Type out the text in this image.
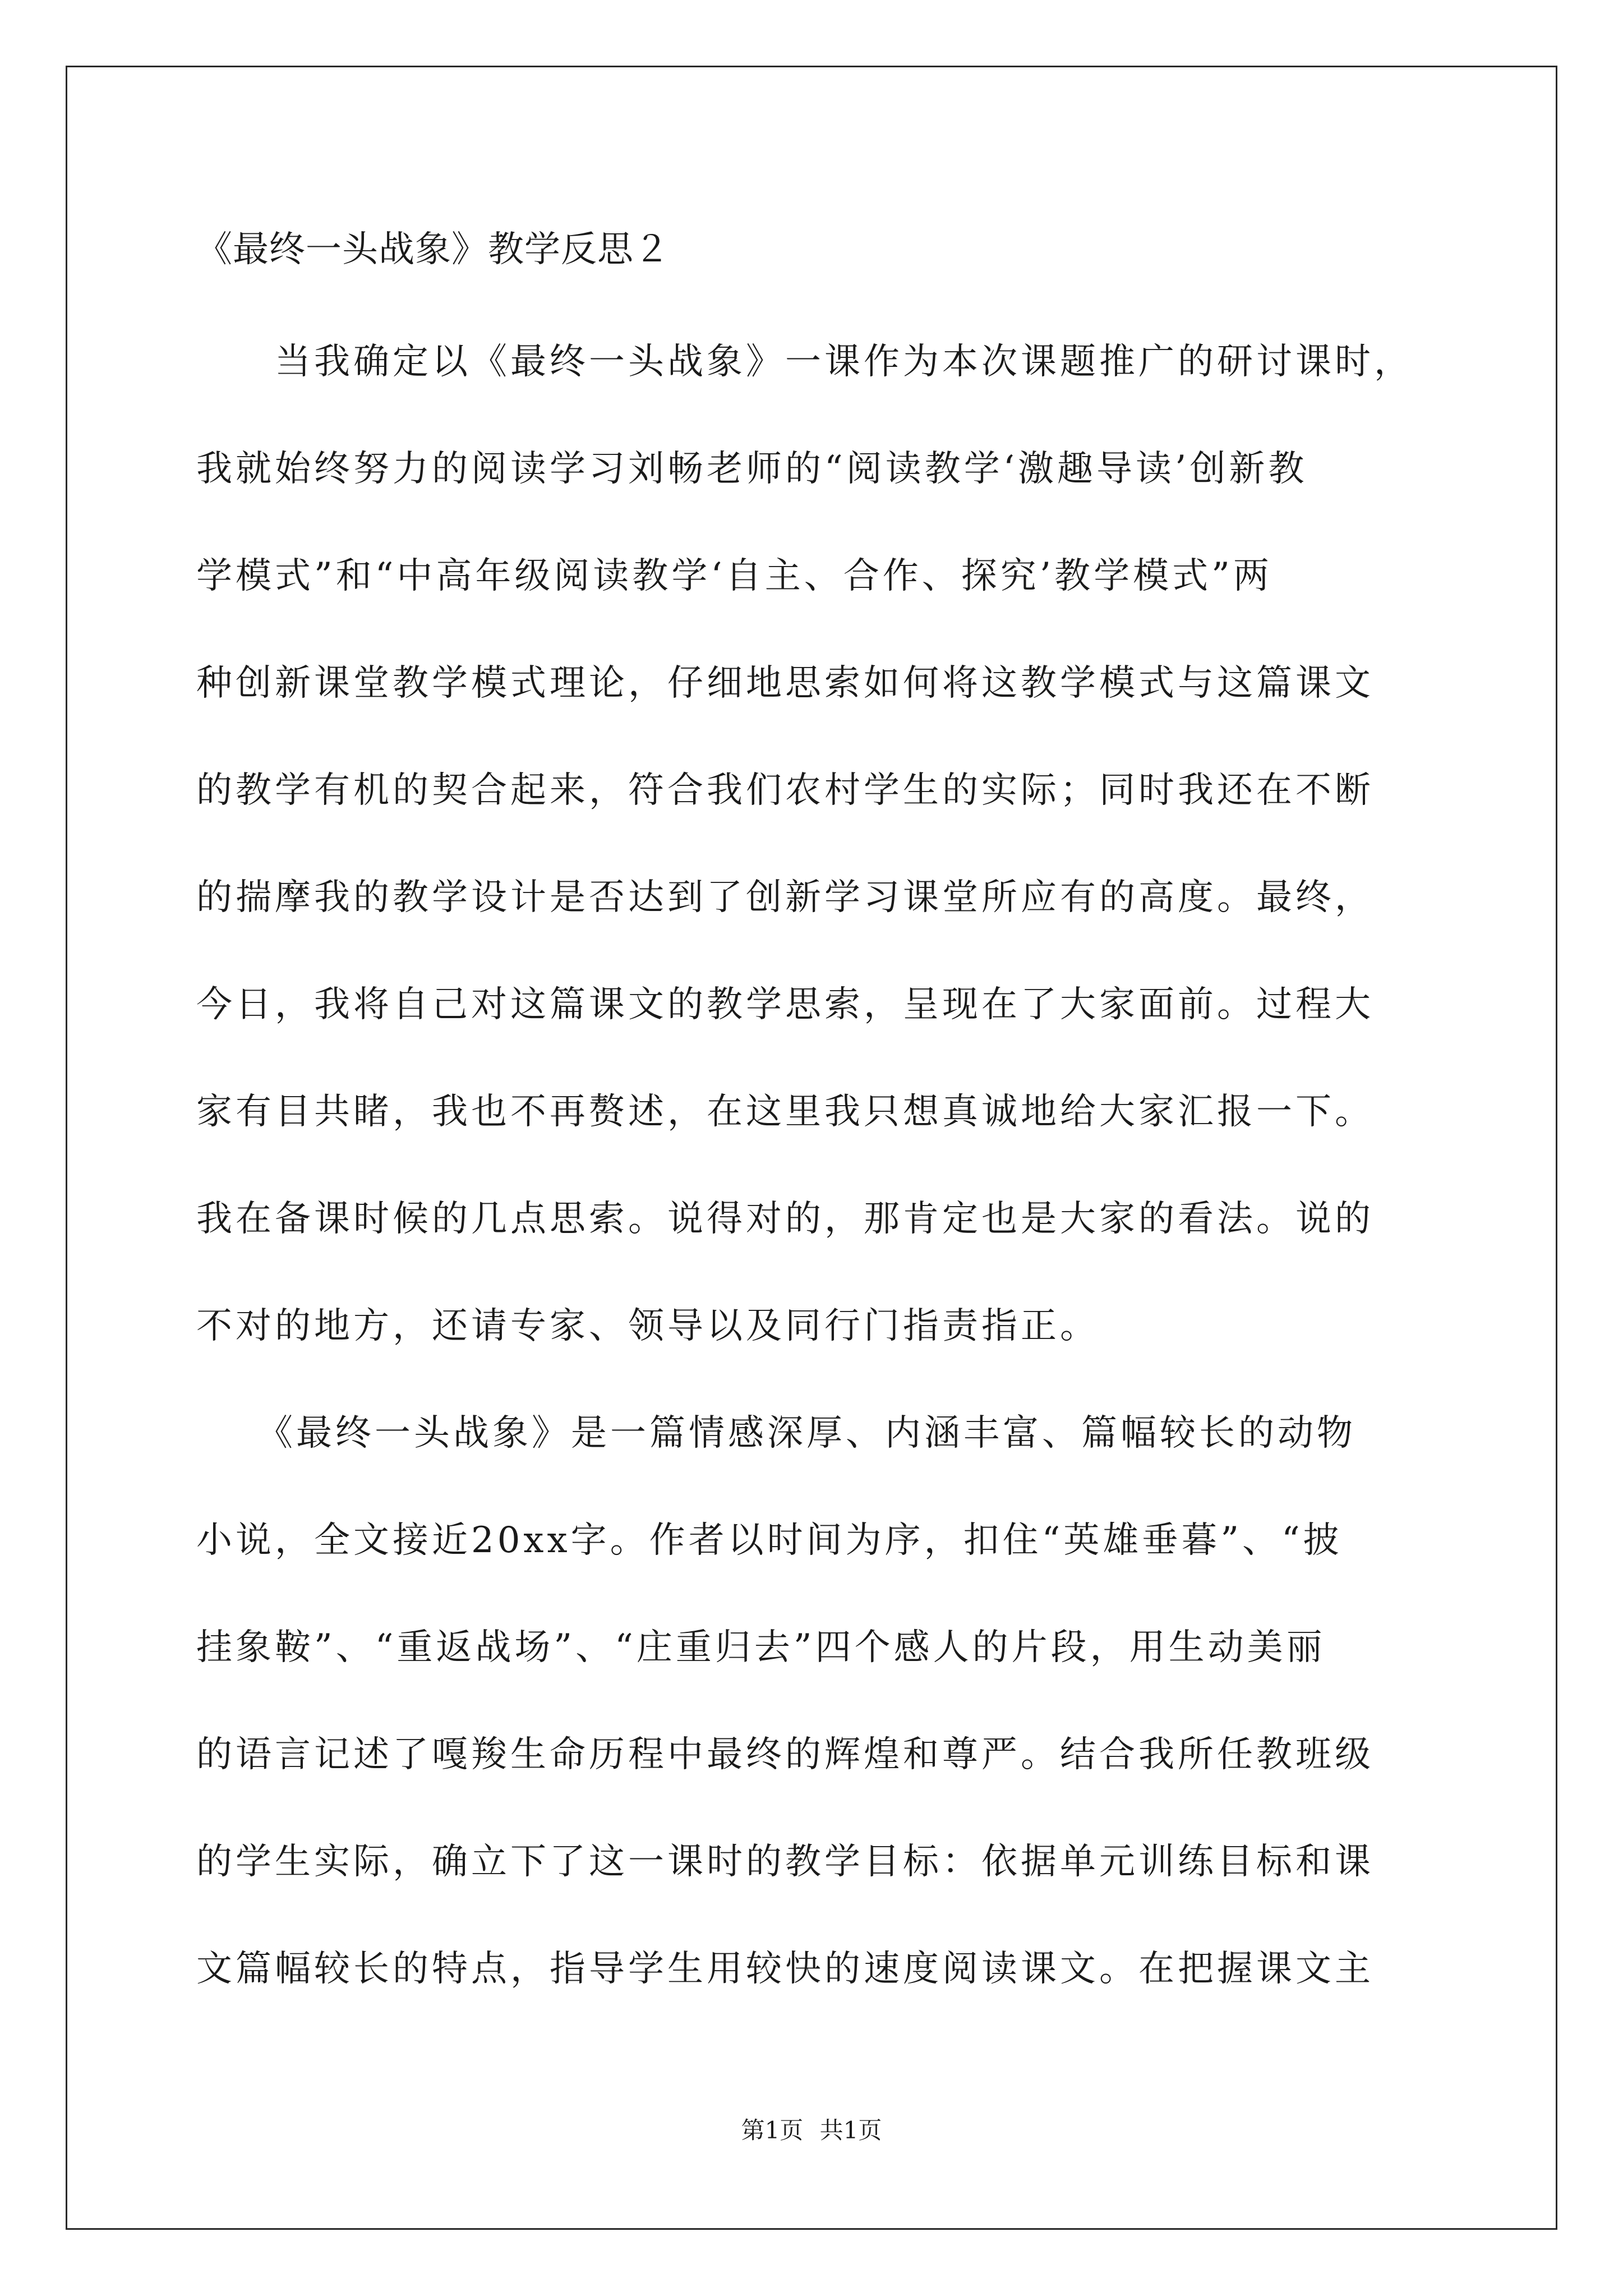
《最终一头战象》教学反思２
　　当我确定以《最终一头战象》一课作为本次课题推广的研讨课时，
我就始终努力的阅读学习刘畅老师的“阅读教学‘激趣导读’创新教
学模式”和“中高年级阅读教学‘自主、合作、探究’教学模式”两
种创新课堂教学模式理论，仔细地思索如何将这教学模式与这篇课文
的教学有机的契合起来，符合我们农村学生的实际；同时我还在不断
的揣摩我的教学设计是否达到了创新学习课堂所应有的高度。最终，
今日，我将自己对这篇课文的教学思索，呈现在了大家面前。过程大
家有目共睹，我也不再赘述，在这里我只想真诚地给大家汇报一下。
我在备课时候的几点思索。说得对的，那肯定也是大家的看法。说的
不对的地方，还请专家、领导以及同行门指责指正。
　　《最终一头战象》是一篇情感深厚、内涵丰富、篇幅较长的动物
小说，全文接近20xx字。作者以时间为序，扣住“英雄垂暮”、“披
挂象鞍”、“重返战场”、“庄重归去”四个感人的片段，用生动美丽
的语言记述了嘎羧生命历程中最终的辉煌和尊严。结合我所任教班级
的学生实际，确立下了这一课时的教学目标：依据单元训练目标和课
文篇幅较长的特点，指导学生用较快的速度阅读课文。在把握课文主
第1页 共1页
